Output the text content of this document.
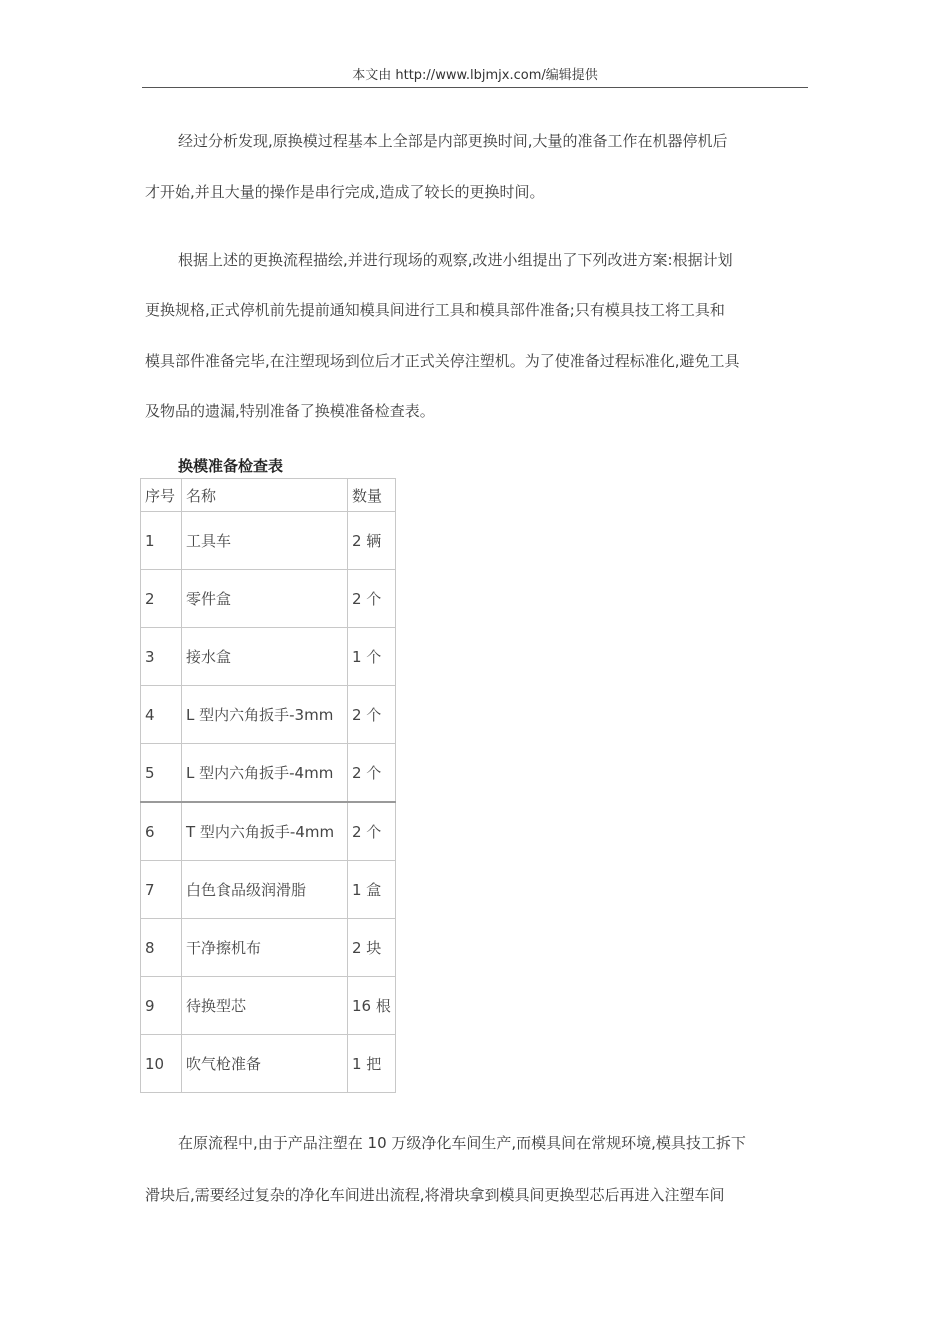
本文由 http://www.lbjmjx.com/编辑提供
经过分析发现,原换模过程基本上全部是内部更换时间,大量的准备工作在机器停机后
才开始,并且大量的操作是串行完成,造成了较长的更换时间。
根据上述的更换流程描绘,并进行现场的观察,改进小组提出了下列改进方案:根据计划
更换规格,正式停机前先提前通知模具间进行工具和模具部件准备;只有模具技工将工具和
模具部件准备完毕,在注塑现场到位后才正式关停注塑机。为了使准备过程标准化,避免工具
及物品的遗漏,特别准备了换模准备检查表。
换模准备检查表
序号	名称	数量
1	工具车	2 辆
2	零件盒	2 个
3	接水盒	1 个
4	L 型内六角扳手-3mm	2 个
5	L 型内六角扳手-4mm	2 个
6	T 型内六角扳手-4mm	2 个
7	白色食品级润滑脂	1 盒
8	干净擦机布	2 块
9	待换型芯	16 根
10	吹气枪准备	1 把
在原流程中,由于产品注塑在 10 万级净化车间生产,而模具间在常规环境,模具技工拆下
滑块后,需要经过复杂的净化车间进出流程,将滑块拿到模具间更换型芯后再进入注塑车间
